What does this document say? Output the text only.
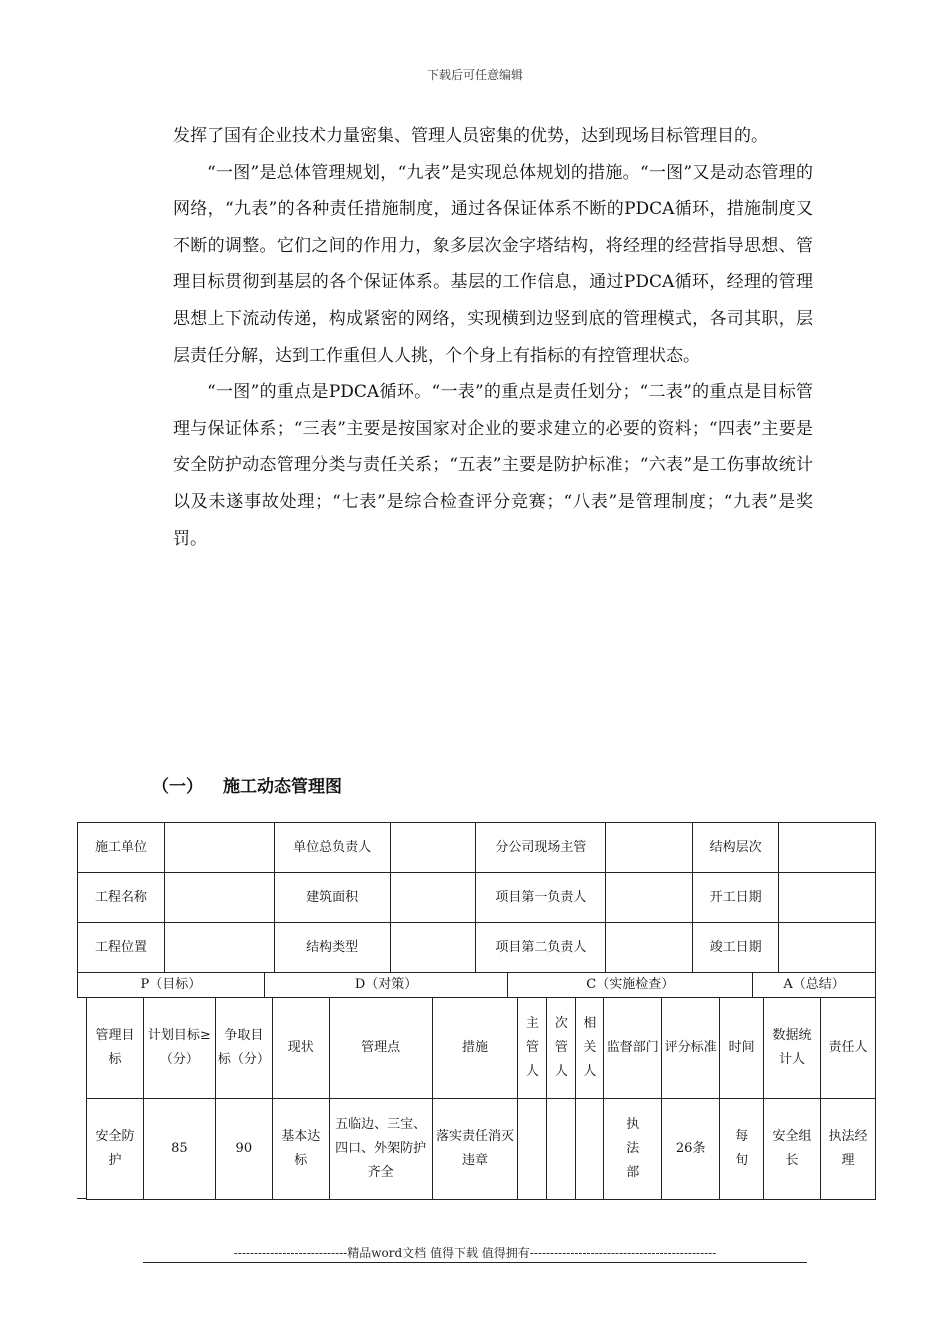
下载后可任意编辑

发挥了国有企业技术力量密集、管理人员密集的优势，达到现场目标管理目的。

“一图”是总体管理规划，“九表”是实现总体规划的措施。“一图”又是动态管理的网络，“九表”的各种责任措施制度，通过各保证体系不断的PDCA循环，措施制度又不断的调整。它们之间的作用力，象多层次金字塔结构，将经理的经营指导思想、管理目标贯彻到基层的各个保证体系。基层的工作信息，通过PDCA循环，经理的管理思想上下流动传递，构成紧密的网络，实现横到边竖到底的管理模式，各司其职，层层责任分解，达到工作重但人人挑，个个身上有指标的有控管理状态。

“一图”的重点是PDCA循环。“一表”的重点是责任划分；“二表”的重点是目标管理与保证体系；“三表”主要是按国家对企业的要求建立的必要的资料；“四表”主要是安全防护动态管理分类与责任关系；“五表”主要是防护标准；“六表”是工伤事故统计以及未遂事故处理；“七表”是综合检查评分竞赛；“八表”是管理制度；“九表”是奖罚。

（一） 施工动态管理图
施工单位		单位总负责人		分公司现场主管		结构层次	
工程名称		建筑面积		项目第一负责人		开工日期	
工程位置		结构类型		项目第二负责人		竣工日期	
P（目标）	D（对策）	C（实施检查）	A（总结）
管理目标	计划目标≥（分）	争取目标（分）	现状	管理点	措施	主管人	次管人	相关人	监督部门	评分标准	时间	数据统计人	责任人
安全防护	85	90	基本达标	五临边、三宝、四口、外架防护齐全	落实责任消灭违章				执法部	26条	每旬	安全组长	执法经理
----------------------------精品word文档 值得下载 值得拥有----------------------------------------------
